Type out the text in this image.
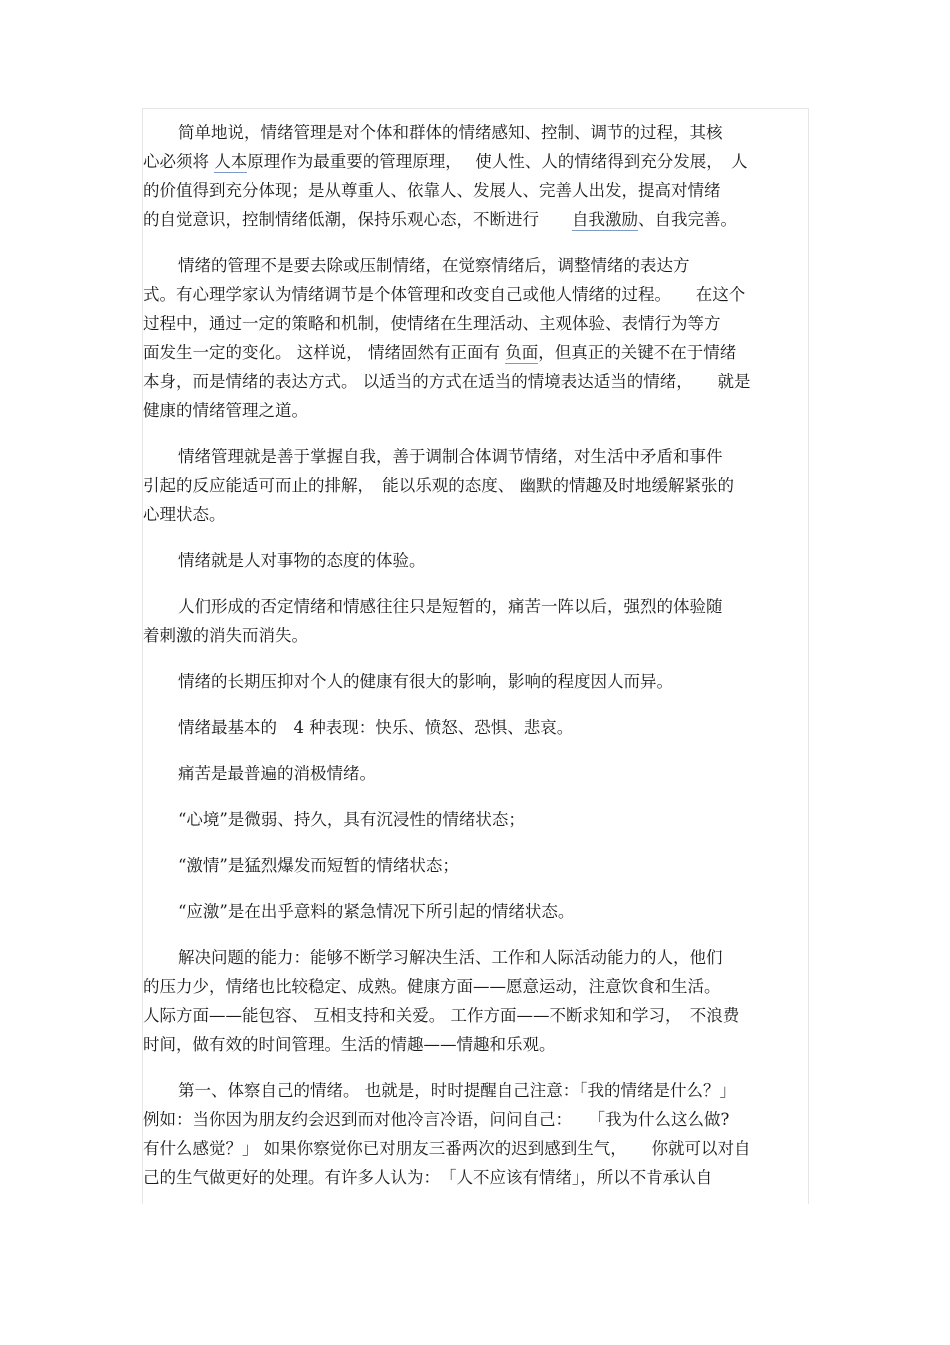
简单地说，情绪管理是对个体和群体的情绪感知、控制、调节的过程，其核
心必须将 人本原理作为最重要的管理原理，　 使人性、人的情绪得到充分发展，　人
的价值得到充分体现；是从尊重人、依靠人、发展人、完善人出发，提高对情绪
的自觉意识，控制情绪低潮，保持乐观心态，不断进行　　自我激励、自我完善。
情绪的管理不是要去除或压制情绪，在觉察情绪后，调整情绪的表达方
式。有心理学家认为情绪调节是个体管理和改变自己或他人情绪的过程。　　在这个
过程中，通过一定的策略和机制，使情绪在生理活动、主观体验、表情行为等方
面发生一定的变化。 这样说， 情绪固然有正面有 负面，但真正的关键不在于情绪
本身，而是情绪的表达方式。 以适当的方式在适当的情境表达适当的情绪，　　就是
健康的情绪管理之道。
情绪管理就是善于掌握自我，善于调制合体调节情绪，对生活中矛盾和事件
引起的反应能适可而止的排解，　能以乐观的态度、 幽默的情趣及时地缓解紧张的
心理状态。
情绪就是人对事物的态度的体验。
人们形成的否定情绪和情感往往只是短暂的，痛苦一阵以后，强烈的体验随
着刺激的消失而消失。
情绪的长期压抑对个人的健康有很大的影响，影响的程度因人而异。
情绪最基本的　4 种表现：快乐、愤怒、恐惧、悲哀。
痛苦是最普遍的消极情绪。
“心境”是微弱、持久，具有沉浸性的情绪状态；
“激情”是猛烈爆发而短暂的情绪状态；
“应激”是在出乎意料的紧急情况下所引起的情绪状态。
解决问题的能力：能够不断学习解决生活、工作和人际活动能力的人，他们
的压力少，情绪也比较稳定、成熟。健康方面——愿意运动，注意饮食和生活。
人际方面——能包容、 互相支持和关爱。 工作方面——不断求知和学习，　不浪费
时间，做有效的时间管理。生活的情趣——情趣和乐观。
第一、体察自己的情绪。 也就是，时时提醒自己注意：「我的情绪是什么？」
例如：当你因为朋友约会迟到而对他冷言冷语，问问自己：　　「我为什么这么做?
有什么感觉？」 如果你察觉你已对朋友三番两次的迟到感到生气，　　你就可以对自
己的生气做更好的处理。有许多人认为：　「人不应该有情绪」，所以不肯承认自
